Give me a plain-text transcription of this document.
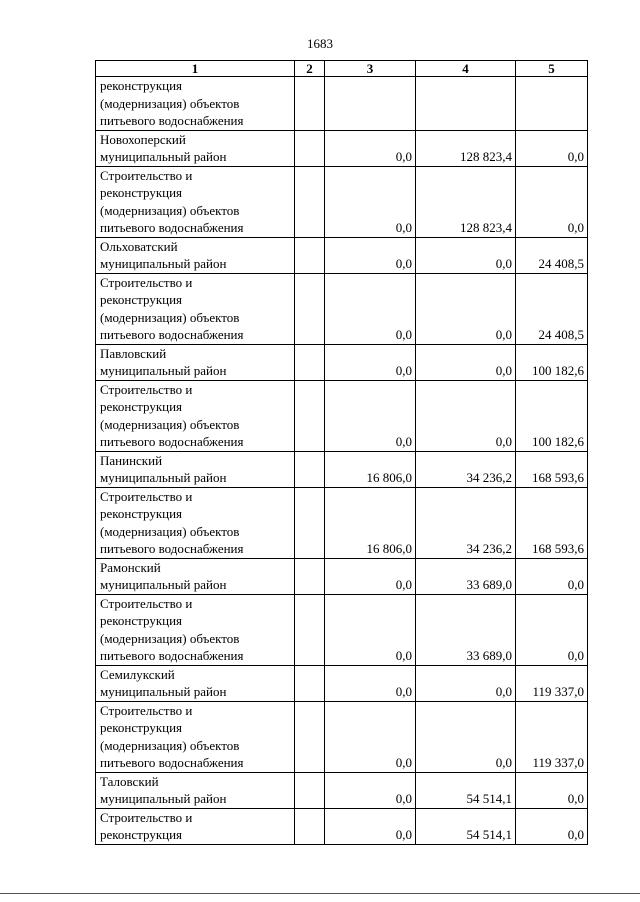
1683
1	2	3	4	5
реконструкция
(модернизация) объектов
питьевого водоснабжения				
Новохоперский
муниципальный район		0,0	128 823,4	0,0
Строительство и
реконструкция
(модернизация) объектов
питьевого водоснабжения		0,0	128 823,4	0,0
Ольховатский
муниципальный район		0,0	0,0	24 408,5
Строительство и
реконструкция
(модернизация) объектов
питьевого водоснабжения		0,0	0,0	24 408,5
Павловский
муниципальный район		0,0	0,0	100 182,6
Строительство и
реконструкция
(модернизация) объектов
питьевого водоснабжения		0,0	0,0	100 182,6
Панинский
муниципальный район		16 806,0	34 236,2	168 593,6
Строительство и
реконструкция
(модернизация) объектов
питьевого водоснабжения		16 806,0	34 236,2	168 593,6
Рамонский
муниципальный район		0,0	33 689,0	0,0
Строительство и
реконструкция
(модернизация) объектов
питьевого водоснабжения		0,0	33 689,0	0,0
Семилукский
муниципальный район		0,0	0,0	119 337,0
Строительство и
реконструкция
(модернизация) объектов
питьевого водоснабжения		0,0	0,0	119 337,0
Таловский
муниципальный район		0,0	54 514,1	0,0
Строительство и
реконструкция		0,0	54 514,1	0,0
